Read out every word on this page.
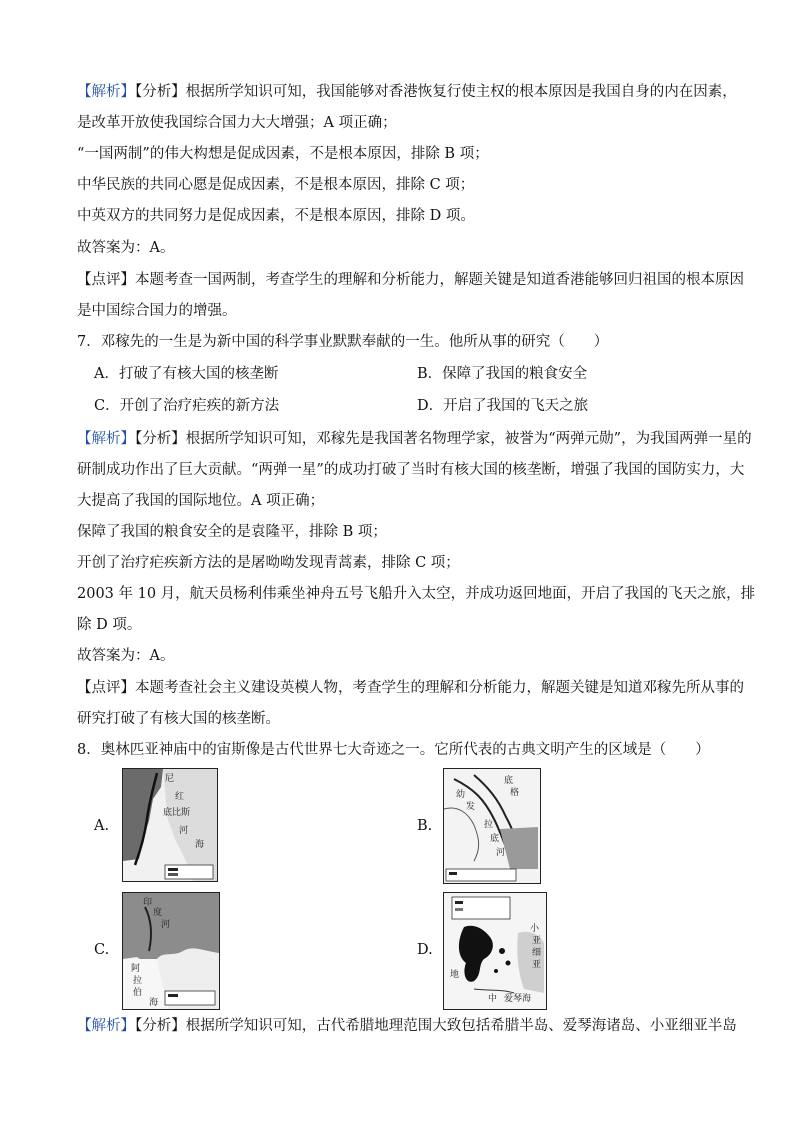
【解析】【分析】根据所学知识可知，我国能够对香港恢复行使主权的根本原因是我国自身的内在因素，
是改革开放使我国综合国力大大增强；A 项正确；
“一国两制”的伟大构想是促成因素，不是根本原因，排除 B 项；
中华民族的共同心愿是促成因素，不是根本原因，排除 C 项；
中英双方的共同努力是促成因素，不是根本原因，排除 D 项。
故答案为：A。
【点评】本题考查一国两制，考查学生的理解和分析能力，解题关键是知道香港能够回归祖国的根本原因
是中国综合国力的增强。
7．邓稼先的一生是为新中国的科学事业默默奉献的一生。他所从事的研究（　　）
A．打破了有核大国的核垄断	B．保障了我国的粮食安全
C．开创了治疗疟疾的新方法	D．开启了我国的飞天之旅
【解析】【分析】根据所学知识可知，邓稼先是我国著名物理学家，被誉为“两弹元勋”，为我国两弹一星的
研制成功作出了巨大贡献。“两弹一星”的成功打破了当时有核大国的核垄断，增强了我国的国防实力，大
大提高了我国的国际地位。A 项正确；
保障了我国的粮食安全的是袁隆平，排除 B 项；
开创了治疗疟疾新方法的是屠呦呦发现青蒿素，排除 C 项；
2003 年 10 月，航天员杨利伟乘坐神舟五号飞船升入太空，并成功返回地面，开启了我国的飞天之旅，排
除 D 项。
故答案为：A。
【点评】本题考查社会主义建设英模人物，考查学生的理解和分析能力，解题关键是知道邓稼先所从事的
研究打破了有核大国的核垄断。
8．奥林匹亚神庙中的宙斯像是古代世界七大奇迹之一。它所代表的古典文明产生的区域是（　　）
A.
尼
红
底比斯
河
海
B.
底
格
幼
发
拉
底
河
C.
印
度
河
阿
拉
伯
海
D.
小
亚
细
亚
地
中 爱琴海
【解析】【分析】根据所学知识可知，古代希腊地理范围大致包括希腊半岛、爱琴海诸岛、小亚细亚半岛
